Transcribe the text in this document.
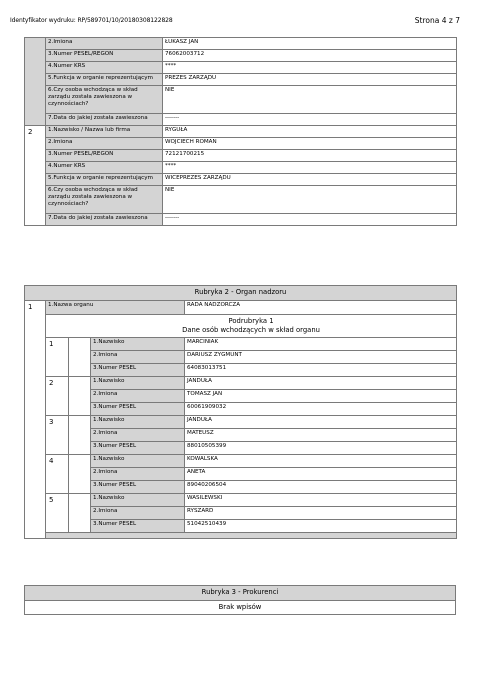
Identyfikator wydruku: RP/589701/10/20180308122828	Strona 4 z 7
	2.Imiona	ŁUKASZ JAN
	3.Numer PESEL/REGON	76062003712
	4.Numer KRS	****
	5.Funkcja w organie reprezentującym	PREZES ZARZĄDU
	6.Czy osoba wchodząca w skład zarządu została zawieszona w czynnościach?	NIE
	7.Data do jakiej została zawieszona	-------
2	1.Nazwisko / Nazwa lub firma	RYGUŁA
	2.Imiona	WOJCIECH ROMAN
	3.Numer PESEL/REGON	72121700215
	4.Numer KRS	****
	5.Funkcja w organie reprezentującym	WICEPREZES ZARZĄDU
	6.Czy osoba wchodząca w skład zarządu została zawieszona w czynnościach?	NIE
	7.Data do jakiej została zawieszona	-------
Rubryka 2 - Organ nadzoru				
1	1.Nazwa organu			RADA NADZORCZA

	Podrubryka 1
Dane osób wchodzących w skład organu			

	1		1.Nazwisko	MARCINIAK
			2.Imiona	DARIUSZ ZYGMUNT
			3.Numer PESEL	64083013751
	2		1.Nazwisko	JANDUŁA
			2.Imiona	TOMASZ JAN
			3.Numer PESEL	60061909032
	3		1.Nazwisko	JANDUŁA
			2.Imiona	MATEUSZ
			3.Numer PESEL	88010505399
	4		1.Nazwisko	KOWALSKA
			2.Imiona	ANETA
			3.Numer PESEL	89040206504
	5		1.Nazwisko	WASILEWSKI
			2.Imiona	RYSZARD
			3.Numer PESEL	51042510439

Rubryka 3 - Prokurenci
Brak wpisów
